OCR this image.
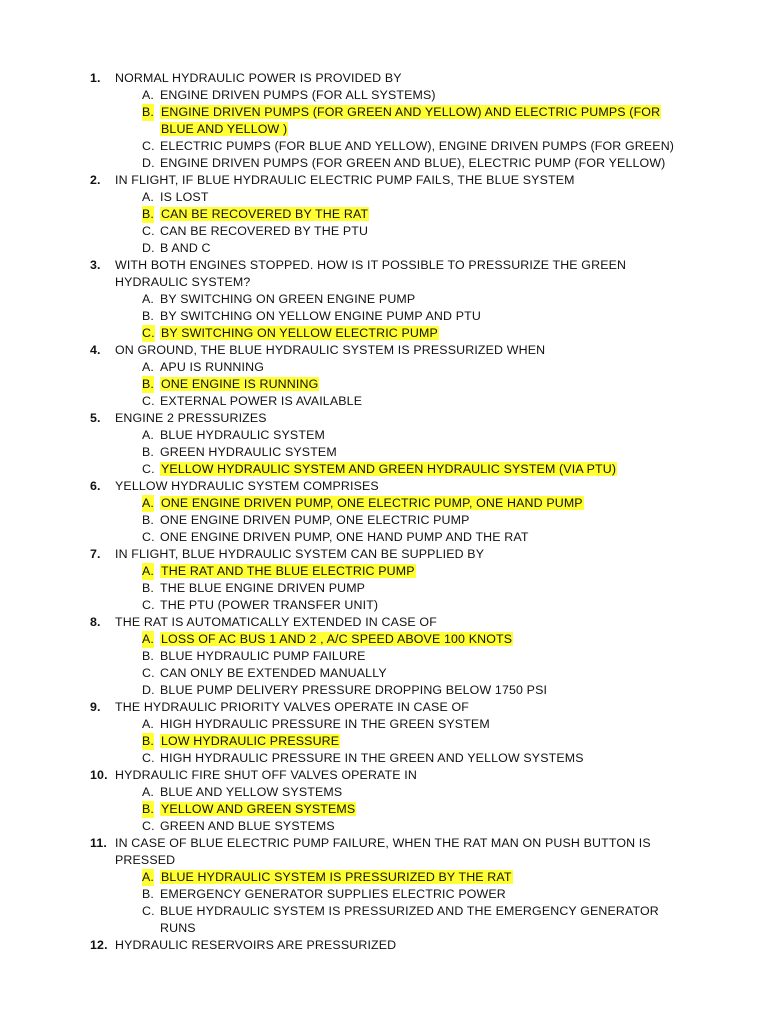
1. NORMAL HYDRAULIC POWER IS PROVIDED BY
A. ENGINE DRIVEN PUMPS (FOR ALL SYSTEMS)
B. ENGINE DRIVEN PUMPS (FOR GREEN AND YELLOW) AND ELECTRIC PUMPS (FOR BLUE AND YELLOW )
C. ELECTRIC PUMPS (FOR BLUE AND YELLOW), ENGINE DRIVEN PUMPS (FOR GREEN)
D. ENGINE DRIVEN PUMPS (FOR GREEN AND BLUE), ELECTRIC PUMP (FOR YELLOW)
2. IN FLIGHT, IF BLUE HYDRAULIC ELECTRIC PUMP FAILS, THE BLUE SYSTEM
A. IS LOST
B. CAN BE RECOVERED BY THE RAT
C. CAN BE RECOVERED BY THE PTU
D. B AND C
3. WITH BOTH ENGINES STOPPED. HOW IS IT POSSIBLE TO PRESSURIZE THE GREEN HYDRAULIC SYSTEM?
A. BY SWITCHING ON GREEN ENGINE PUMP
B. BY SWITCHING ON YELLOW ENGINE PUMP AND PTU
C. BY SWITCHING ON YELLOW ELECTRIC PUMP
4. ON GROUND, THE BLUE HYDRAULIC SYSTEM IS PRESSURIZED WHEN
A. APU IS RUNNING
B. ONE ENGINE IS RUNNING
C. EXTERNAL POWER IS AVAILABLE
5. ENGINE 2 PRESSURIZES
A. BLUE HYDRAULIC SYSTEM
B. GREEN HYDRAULIC SYSTEM
C. YELLOW HYDRAULIC SYSTEM AND GREEN HYDRAULIC SYSTEM (VIA PTU)
6. YELLOW HYDRAULIC SYSTEM COMPRISES
A. ONE ENGINE DRIVEN PUMP, ONE ELECTRIC PUMP, ONE HAND PUMP
B. ONE ENGINE DRIVEN PUMP, ONE ELECTRIC PUMP
C. ONE ENGINE DRIVEN PUMP, ONE HAND PUMP AND THE RAT
7. IN FLIGHT, BLUE HYDRAULIC SYSTEM CAN BE SUPPLIED BY
A. THE RAT AND THE BLUE ELECTRIC PUMP
B. THE BLUE ENGINE DRIVEN PUMP
C. THE PTU (POWER TRANSFER UNIT)
8. THE RAT IS AUTOMATICALLY EXTENDED IN CASE OF
A. LOSS OF AC BUS 1 AND 2 , A/C SPEED ABOVE 100 KNOTS
B. BLUE HYDRAULIC PUMP FAILURE
C. CAN ONLY BE EXTENDED MANUALLY
D. BLUE PUMP DELIVERY PRESSURE DROPPING BELOW 1750 PSI
9. THE HYDRAULIC PRIORITY VALVES OPERATE IN CASE OF
A. HIGH HYDRAULIC PRESSURE IN THE GREEN SYSTEM
B. LOW HYDRAULIC PRESSURE
C. HIGH HYDRAULIC PRESSURE IN THE GREEN AND YELLOW SYSTEMS
10. HYDRAULIC FIRE SHUT OFF VALVES OPERATE IN
A. BLUE AND YELLOW SYSTEMS
B. YELLOW AND GREEN SYSTEMS
C. GREEN AND BLUE SYSTEMS
11. IN CASE OF BLUE ELECTRIC PUMP FAILURE, WHEN THE RAT MAN ON PUSH BUTTON IS PRESSED
A. BLUE HYDRAULIC SYSTEM IS PRESSURIZED BY THE RAT
B. EMERGENCY GENERATOR SUPPLIES ELECTRIC POWER
C. BLUE HYDRAULIC SYSTEM IS PRESSURIZED AND THE EMERGENCY GENERATOR RUNS
12. HYDRAULIC RESERVOIRS ARE PRESSURIZED
